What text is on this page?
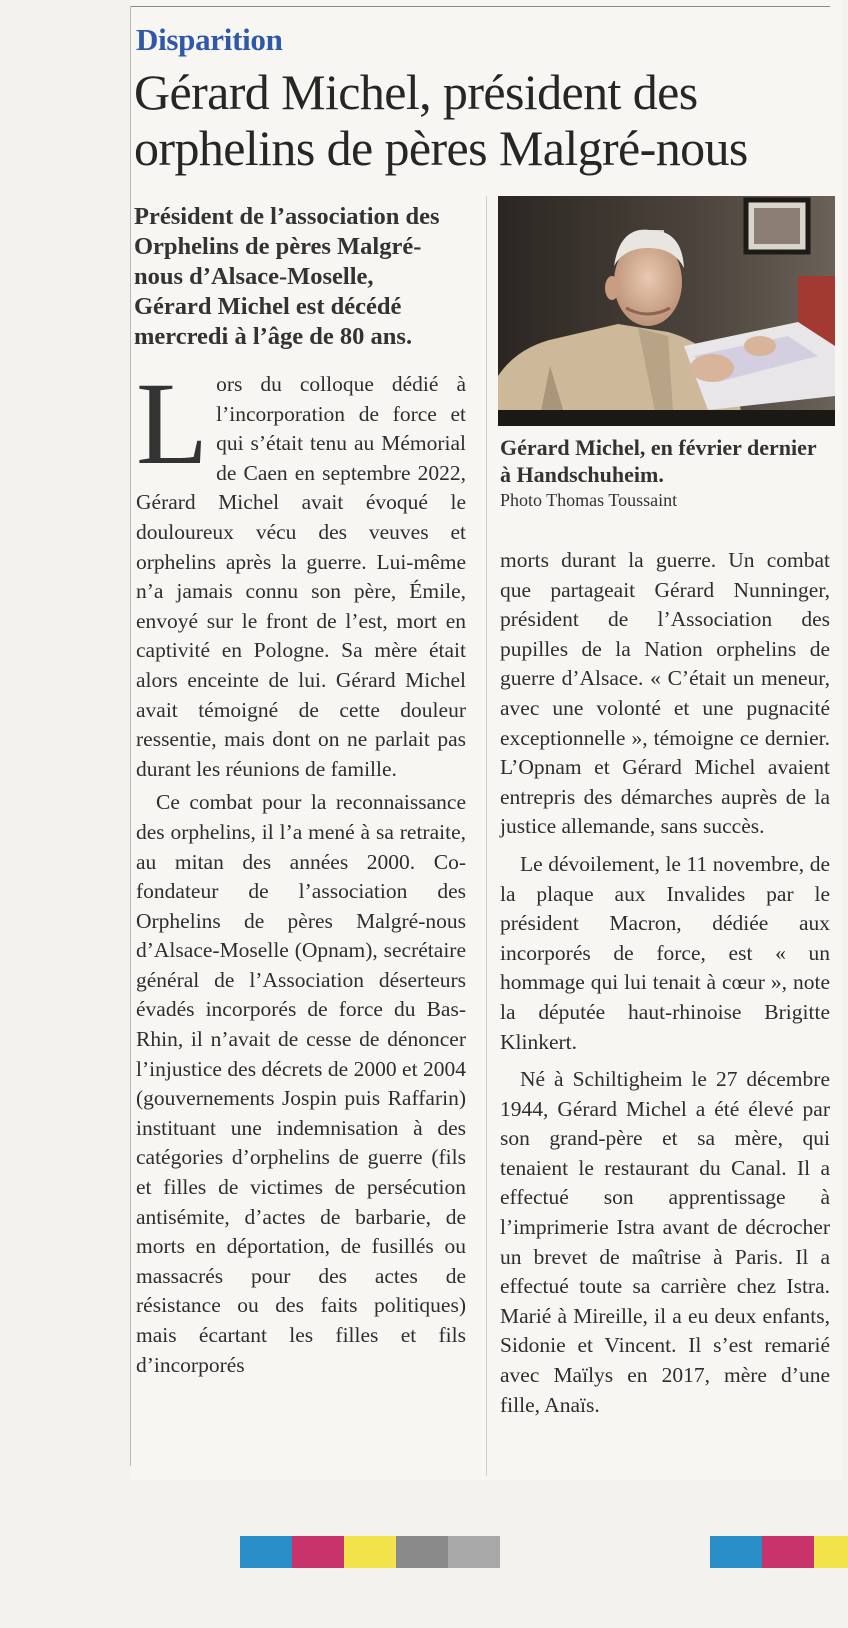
Disparition
Gérard Michel, président des orphelins de pères Malgré-nous

Président de l’association des Orphelins de pères Malgré-nous d’Alsace-Moselle, Gérard Michel est décédé mercredi à l’âge de 80 ans.

Gérard Michel, en février dernier à Handschuheim.
Photo Thomas Toussaint

Lors du colloque dédié à l’incorporation de force et qui s’était tenu au Mémorial de Caen en septembre 2022, Gérard Michel avait évoqué le douloureux vécu des veuves et orphelins après la guerre. Lui-même n’a jamais connu son père, Émile, envoyé sur le front de l’est, mort en captivité en Pologne. Sa mère était alors enceinte de lui. Gérard Michel avait témoigné de cette douleur ressentie, mais dont on ne parlait pas durant les réunions de famille.

Ce combat pour la reconnaissance des orphelins, il l’a mené à sa retraite, au mitan des années 2000. Co-fondateur de l’association des Orphelins de pères Malgré-nous d’Alsace-Moselle (Opnam), secrétaire général de l’Association déserteurs évadés incorporés de force du Bas-Rhin, il n’avait de cesse de dénoncer l’injustice des décrets de 2000 et 2004 (gouvernements Jospin puis Raffarin) instituant une indemnisation à des catégories d’orphelins de guerre (fils et filles de victimes de persécution antisémite, d’actes de barbarie, de morts en déportation, de fusillés ou massacrés pour des actes de résistance ou des faits politiques) mais écartant les filles et fils d’incorporés

morts durant la guerre. Un combat que partageait Gérard Nunninger, président de l’Association des pupilles de la Nation orphelins de guerre d’Alsace. « C’était un meneur, avec une volonté et une pugnacité exceptionnelle », témoigne ce dernier. L’Opnam et Gérard Michel avaient entrepris des démarches auprès de la justice allemande, sans succès.

Le dévoilement, le 11 novembre, de la plaque aux Invalides par le président Macron, dédiée aux incorporés de force, est « un hommage qui lui tenait à cœur », note la députée haut-rhinoise Brigitte Klinkert.

Né à Schiltigheim le 27 décembre 1944, Gérard Michel a été élevé par son grand-père et sa mère, qui tenaient le restaurant du Canal. Il a effectué son apprentissage à l’imprimerie Istra avant de décrocher un brevet de maîtrise à Paris. Il a effectué toute sa carrière chez Istra. Marié à Mireille, il a eu deux enfants, Sidonie et Vincent. Il s’est remarié avec Maïlys en 2017, mère d’une fille, Anaïs.
